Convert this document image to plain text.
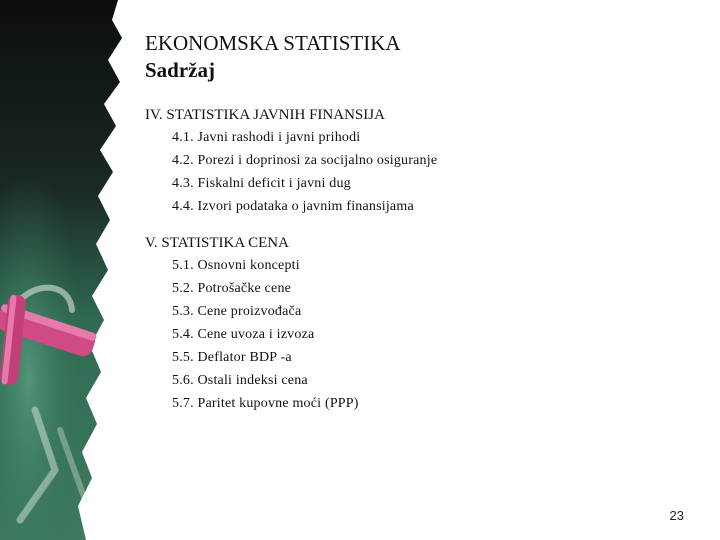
EKONOMSKA STATISTIKA
Sadržaj

IV. STATISTIKA JAVNIH FINANSIJA

4.1. Javni rashodi i javni prihodi
4.2. Porezi i doprinosi za socijalno osiguranje
4.3. Fiskalni deficit i javni dug
4.4. Izvori podataka o javnim finansijama

V. STATISTIKA CENA

5.1. Osnovni koncepti
5.2. Potrošačke cene
5.3. Cene proizvođača
5.4. Cene uvoza i izvoza
5.5. Deflator BDP -a
5.6. Ostali indeksi cena
5.7. Paritet kupovne moći (PPP)
23
